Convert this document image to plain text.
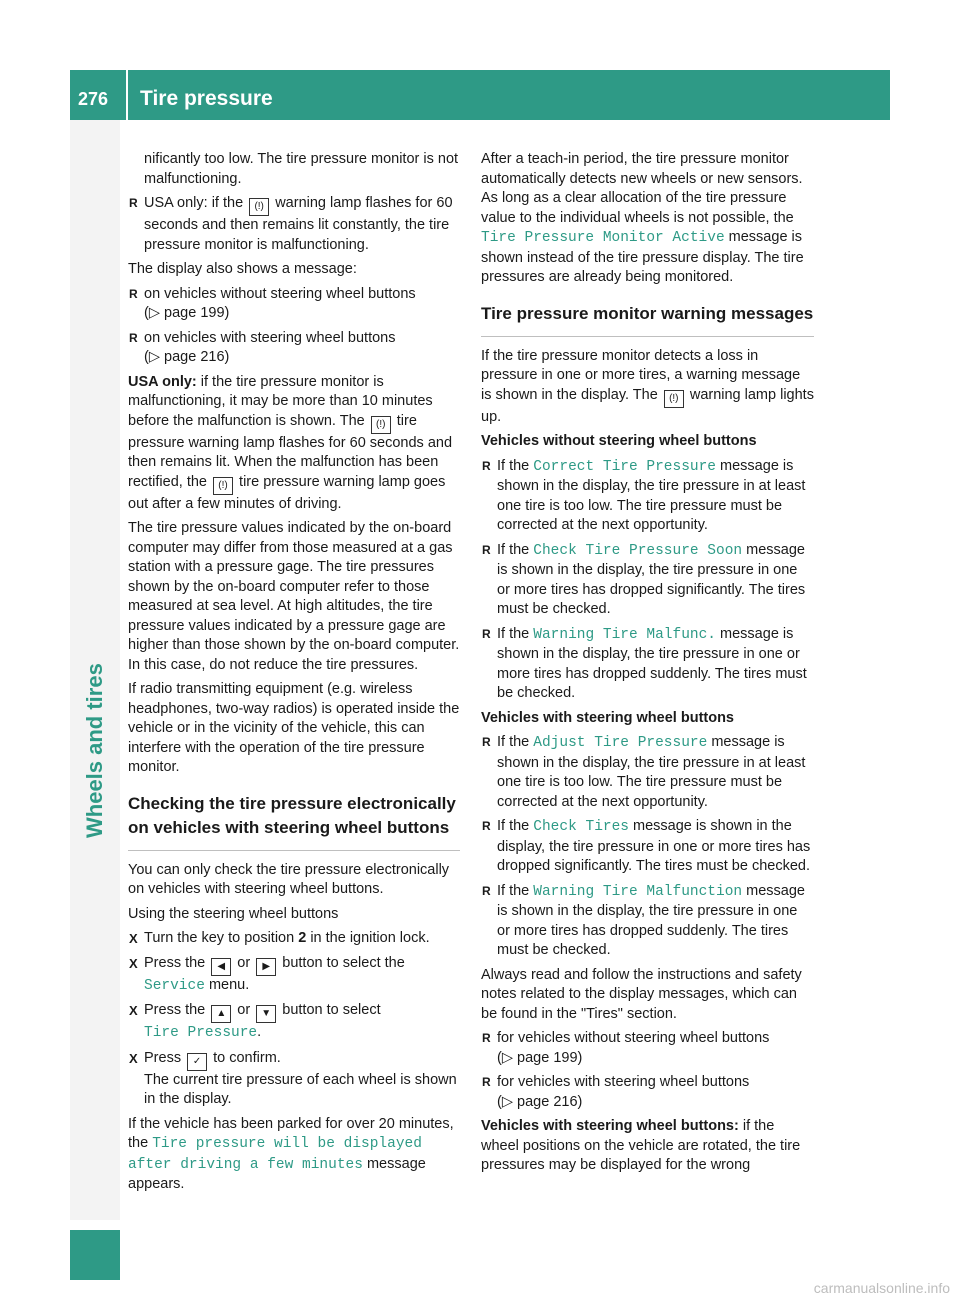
276 Tire pressure
Wheels and tires

nificantly too low. The tire pressure monitor is not malfunctioning.

R USA only: if the (!) warning lamp flashes for 60 seconds and then remains lit constantly, the tire pressure monitor is malfunctioning.

The display also shows a message:

R on vehicles without steering wheel buttons
(▷ page 199)
R on vehicles with steering wheel buttons
(▷ page 216)

USA only: if the tire pressure monitor is malfunctioning, it may be more than 10 minutes before the malfunction is shown. The (!) tire pressure warning lamp flashes for 60 seconds and then remains lit. When the malfunction has been rectified, the (!) tire pressure warning lamp goes out after a few minutes of driving.

The tire pressure values indicated by the on-board computer may differ from those measured at a gas station with a pressure gage. The tire pressures shown by the on-board computer refer to those measured at sea level. At high altitudes, the tire pressure values indicated by a pressure gage are higher than those shown by the on-board computer. In this case, do not reduce the tire pressures.

If radio transmitting equipment (e.g. wireless headphones, two-way radios) is operated inside the vehicle or in the vicinity of the vehicle, this can interfere with the operation of the tire pressure monitor.

Checking the tire pressure electronically on vehicles with steering wheel buttons

You can only check the tire pressure electronically on vehicles with steering wheel buttons.

Using the steering wheel buttons

X Turn the key to position 2 in the ignition lock.
X Press the ◀ or ▶ button to select the
Service menu.
X Press the ▲ or ▼ button to select
Tire Pressure.
X Press ✓ to confirm.
The current tire pressure of each wheel is shown in the display.

If the vehicle has been parked for over 20 minutes, the Tire pressure will be displayed after driving a few minutes message appears.

After a teach-in period, the tire pressure monitor automatically detects new wheels or new sensors. As long as a clear allocation of the tire pressure value to the individual wheels is not possible, the Tire Pressure Monitor Active message is shown instead of the tire pressure display. The tire pressures are already being monitored.

Tire pressure monitor warning messages

If the tire pressure monitor detects a loss in pressure in one or more tires, a warning message is shown in the display. The (!) warning lamp lights up.

Vehicles without steering wheel buttons

R If the Correct Tire Pressure message is shown in the display, the tire pressure in at least one tire is too low. The tire pressure must be corrected at the next opportunity.
R If the Check Tire Pressure Soon message is shown in the display, the tire pressure in one or more tires has dropped significantly. The tires must be checked.
R If the Warning Tire Malfunc. message is shown in the display, the tire pressure in one or more tires has dropped suddenly. The tires must be checked.

Vehicles with steering wheel buttons

R If the Adjust Tire Pressure message is shown in the display, the tire pressure in at least one tire is too low. The tire pressure must be corrected at the next opportunity.
R If the Check Tires message is shown in the display, the tire pressure in one or more tires has dropped significantly. The tires must be checked.
R If the Warning Tire Malfunction message is shown in the display, the tire pressure in one or more tires has dropped suddenly. The tires must be checked.

Always read and follow the instructions and safety notes related to the display messages, which can be found in the "Tires" section.

R for vehicles without steering wheel buttons
(▷ page 199)
R for vehicles with steering wheel buttons
(▷ page 216)

Vehicles with steering wheel buttons: if the wheel positions on the vehicle are rotated, the tire pressures may be displayed for the wrong

carmanualsonline.info
